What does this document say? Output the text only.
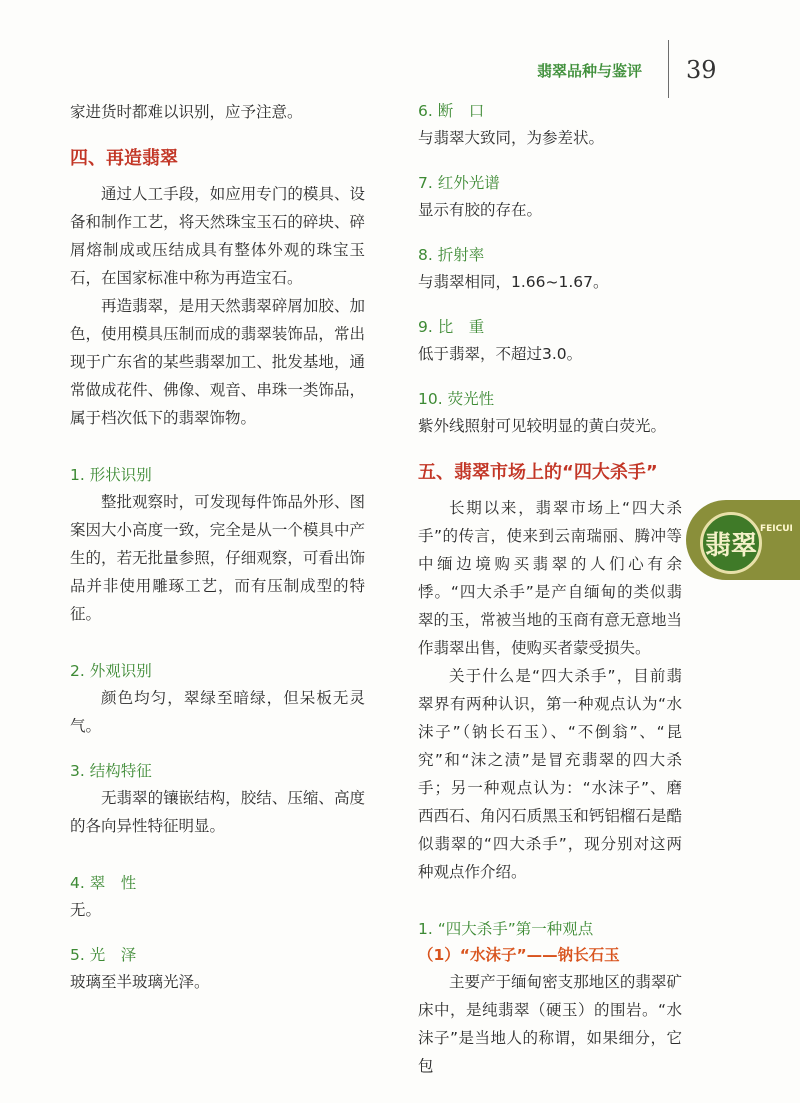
翡翠品种与鉴评 39

家进货时都难以识别，应予注意。

四、再造翡翠

通过人工手段，如应用专门的模具、设备和制作工艺，将天然珠宝玉石的碎块、碎屑熔制成或压结成具有整体外观的珠宝玉石，在国家标准中称为再造宝石。

再造翡翠，是用天然翡翠碎屑加胶、加色，使用模具压制而成的翡翠装饰品，常出现于广东省的某些翡翠加工、批发基地，通常做成花件、佛像、观音、串珠一类饰品，属于档次低下的翡翠饰物。

1. 形状识别

整批观察时，可发现每件饰品外形、图案因大小高度一致，完全是从一个模具中产生的，若无批量参照，仔细观察，可看出饰品并非使用雕琢工艺，而有压制成型的特征。

2. 外观识别

颜色均匀，翠绿至暗绿，但呆板无灵气。

3. 结构特征

无翡翠的镶嵌结构，胶结、压缩、高度的各向异性特征明显。

4. 翠　性

无。

5. 光　泽

玻璃至半玻璃光泽。

6. 断　口

与翡翠大致同，为参差状。

7. 红外光谱

显示有胶的存在。

8. 折射率

与翡翠相同，1.66~1.67。

9. 比　重

低于翡翠，不超过3.0。

10. 荧光性

紫外线照射可见较明显的黄白荧光。

五、翡翠市场上的“四大杀手”

长期以来，翡翠市场上“四大杀手”的传言，使来到云南瑞丽、腾冲等中缅边境购买翡翠的人们心有余悸。“四大杀手”是产自缅甸的类似翡翠的玉，常被当地的玉商有意无意地当作翡翠出售，使购买者蒙受损失。

关于什么是“四大杀手”，目前翡翠界有两种认识，第一种观点认为“水沫子”（钠长石玉）、“不倒翁”、“昆究”和“沫之渍”是冒充翡翠的四大杀手；另一种观点认为：“水沫子”、磨西西石、角闪石质黑玉和钙铝榴石是酷似翡翠的“四大杀手”，现分别对这两种观点作介绍。

1. “四大杀手”第一种观点

（1）“水沫子”——钠长石玉

主要产于缅甸密支那地区的翡翠矿床中，是纯翡翠（硬玉）的围岩。“水沫子”是当地人的称谓，如果细分，它包

翡翠
FEICUI
